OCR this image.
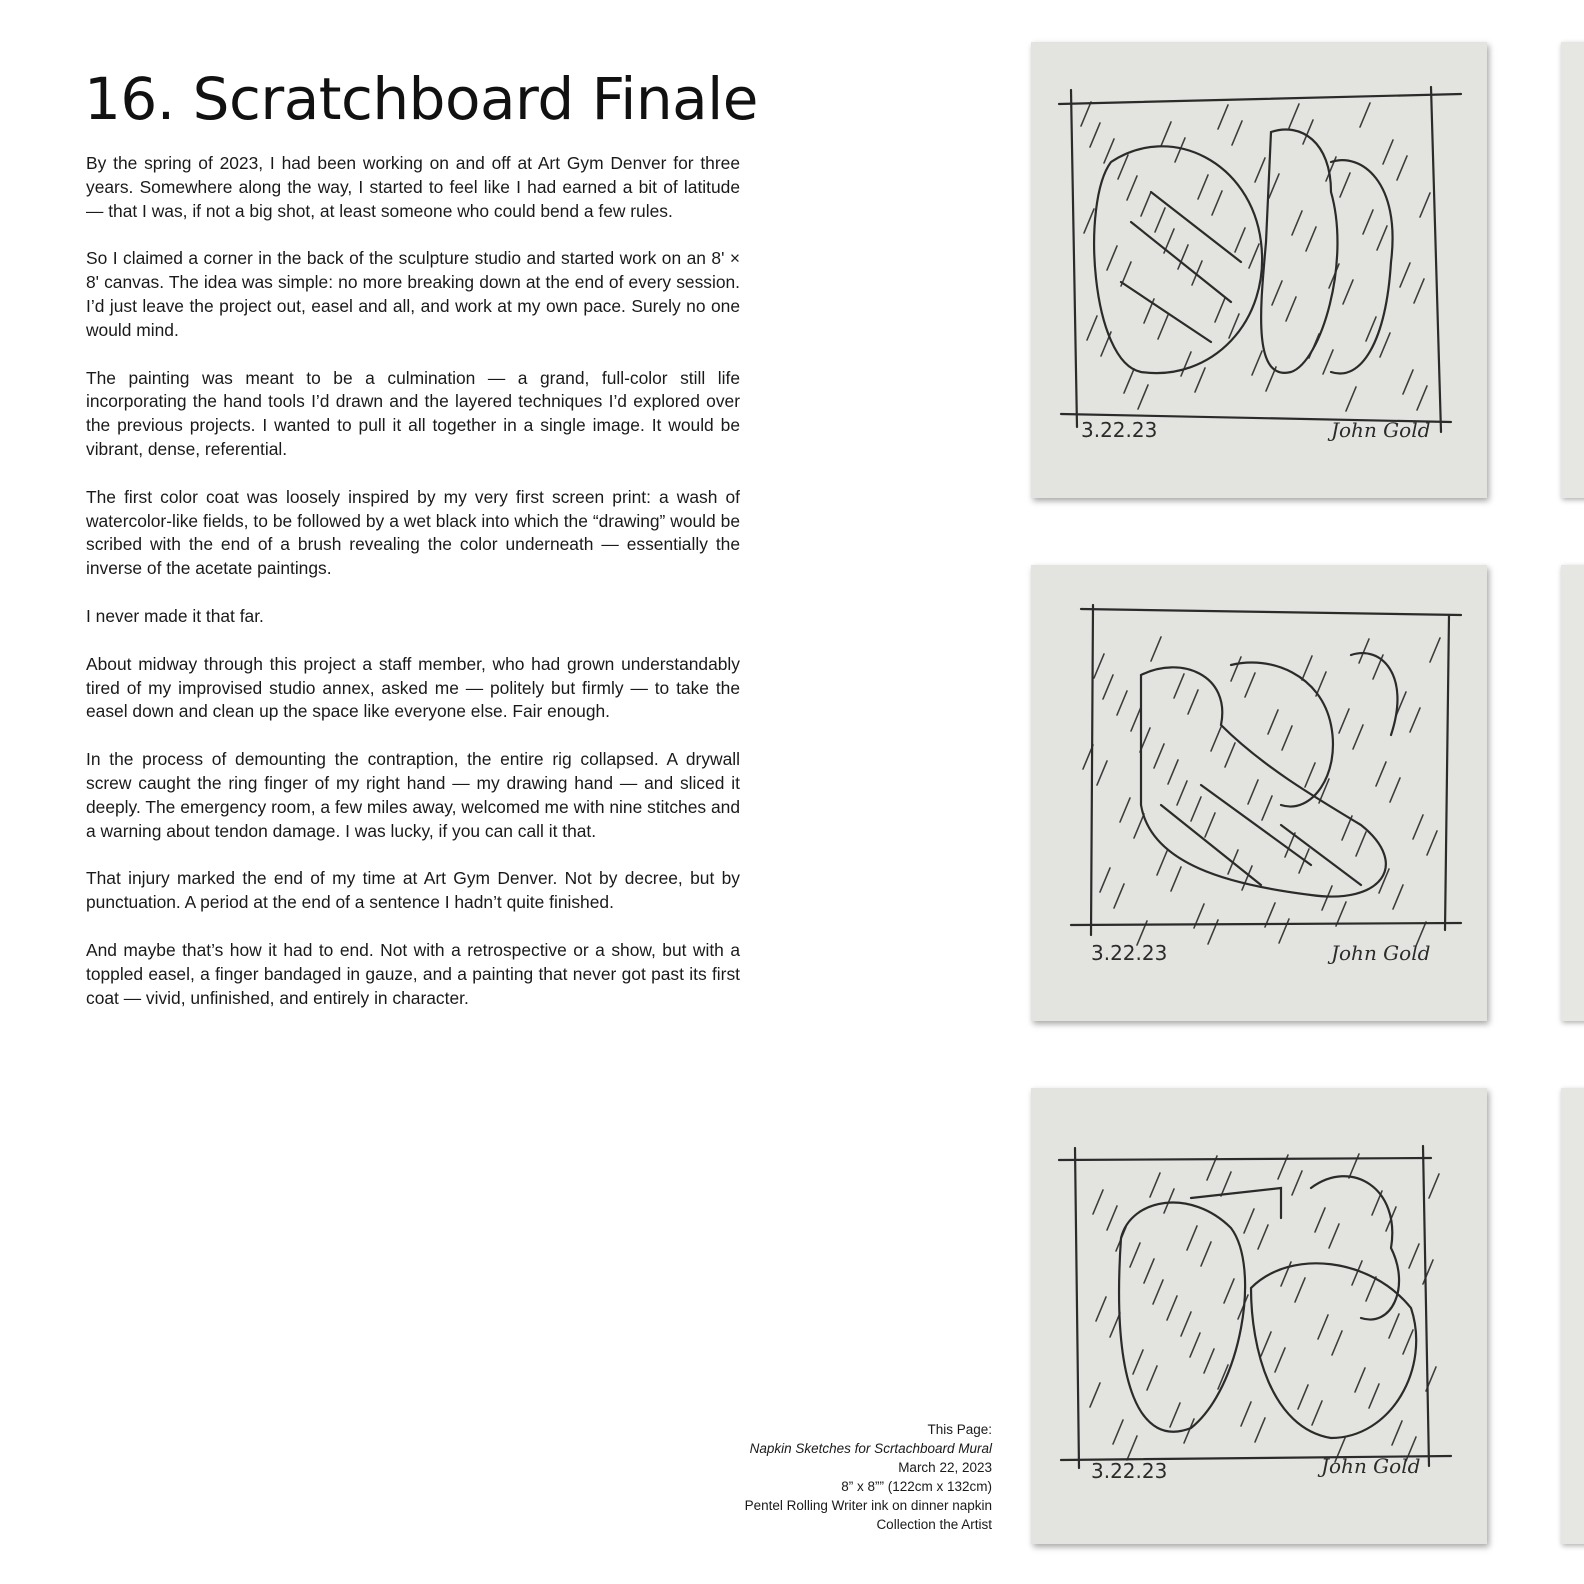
16. Scratchboard Finale

By the spring of 2023, I had been working on and off at Art Gym Denver for three years. Somewhere along the way, I started to feel like I had earned a bit of latitude — that I was, if not a big shot, at least someone who could bend a few rules.

So I claimed a corner in the back of the sculpture studio and started work on an 8' × 8' canvas. The idea was simple: no more breaking down at the end of every session. I’d just leave the project out, easel and all, and work at my own pace. Surely no one would mind.

The painting was meant to be a culmination — a grand, full-color still life incorporating the hand tools I’d drawn and the layered techniques I’d explored over the previous projects. I wanted to pull it all together in a single image. It would be vibrant, dense, referential.

The first color coat was loosely inspired by my very first screen print: a wash of watercolor-like fields, to be followed by a wet black into which the “drawing” would be scribed with the end of a brush revealing the color underneath — essentially the inverse of the acetate paintings.

I never made it that far.

About midway through this project a staff member, who had grown understandably tired of my improvised studio annex, asked me — politely but firmly — to take the easel down and clean up the space like everyone else. Fair enough.

In the process of demounting the contraption, the entire rig collapsed. A drywall screw caught the ring finger of my right hand — my drawing hand — and sliced it deeply. The emergency room, a few miles away, welcomed me with nine stitches and a warning about tendon damage. I was lucky, if you can call it that.

That injury marked the end of my time at Art Gym Denver. Not by decree, but by punctuation. A period at the end of a sentence I hadn’t quite finished.

And maybe that’s how it had to end. Not with a retrospective or a show, but with a toppled easel, a finger bandaged in gauze, and a painting that never got past its first coat — vivid, unfinished, and entirely in character.

This Page:
Napkin Sketches for Scrtachboard Mural
March 22, 2023
8” x 8”” (122cm x 132cm)
Pentel Rolling Writer ink on dinner napkin
Collection the Artist
3.22.23	John Gold
3.22.23	John Gold
3.22.23	John Gold
